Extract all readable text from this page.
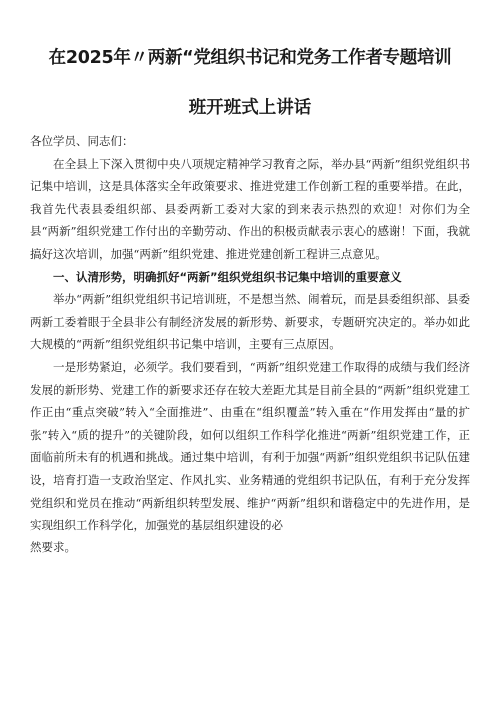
在2025年〃两新“党组织书记和党务工作者专题培训
班开班式上讲话

各位学员、同志们：

在全县上下深入贯彻中央八项规定精神学习教育之际，举办县“两新”组织党组织书记集中培训，这是具体落实全年政策要求、推进党建工作创新工程的重要举措。在此，我首先代表县委组织部、县委两新工委对大家的到来表示热烈的欢迎！对你们为全县“两新”组织党建工作付出的辛勤劳动、作出的积极贡献表示衷心的感谢！下面，我就搞好这次培训，加强“两新”组织党建、推进党建创新工程讲三点意见。

一、认清形势，明确抓好“两新”组织党组织书记集中培训的重要意义

举办“两新”组织党组织书记培训班，不是想当然、闹着玩，而是县委组织部、县委两新工委着眼于全县非公有制经济发展的新形势、新要求，专题研究决定的。举办如此大规模的“两新”组织党组织书记集中培训，主要有三点原因。

一是形势紧迫，必须学。我们要看到，“两新”组织党建工作取得的成绩与我们经济发展的新形势、党建工作的新要求还存在较大差距尤其是目前全县的“两新”组织党建工作正由“重点突破”转入“全面推进”、由重在“组织覆盖”转入重在“作用发挥由“量的扩张”转入“质的提升”的关键阶段，如何以组织工作科学化推进“两新”组织党建工作，正面临前所未有的机遇和挑战。通过集中培训，有利于加强“两新”组织党组织书记队伍建设，培育打造一支政治坚定、作风扎实、业务精通的党组织书记队伍，有利于充分发挥党组织和党员在推动“两新组织转型发展、维护“两新”组织和谐稳定中的先进作用，是实现组织工作科学化，加强党的基层组织建设的必

然要求。
